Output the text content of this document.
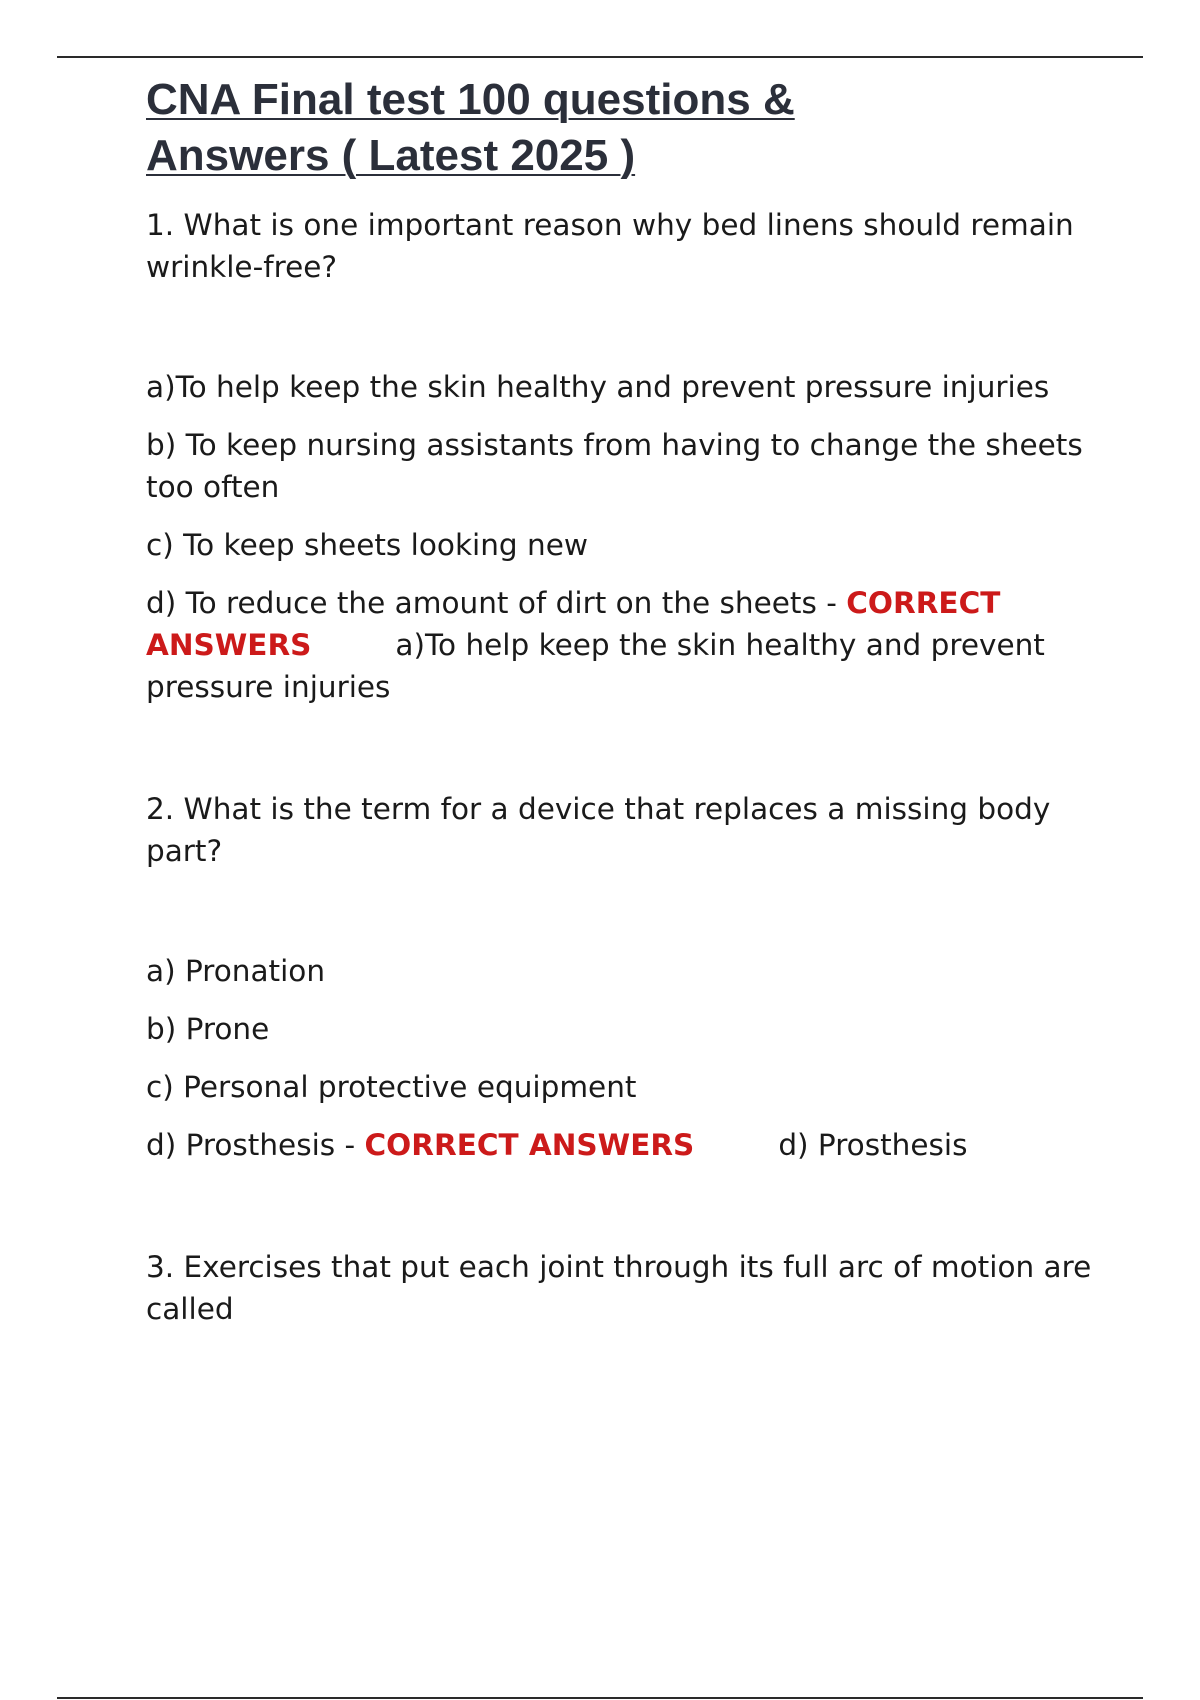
CNA Final test 100 questions &
Answers ( Latest 2025 )

1. What is one important reason why bed linens should remain wrinkle-free?

a)To help keep the skin healthy and prevent pressure injuries

b) To keep nursing assistants from having to change the sheets too often

c) To keep sheets looking new

d) To reduce the amount of dirt on the sheets - CORRECT ANSWERS	a)To help keep the skin healthy and prevent pressure injuries

2. What is the term for a device that replaces a missing body part?

a) Pronation

b) Prone

c) Personal protective equipment

d) Prosthesis - CORRECT ANSWERS	d) Prosthesis

3. Exercises that put each joint through its full arc of motion are called
